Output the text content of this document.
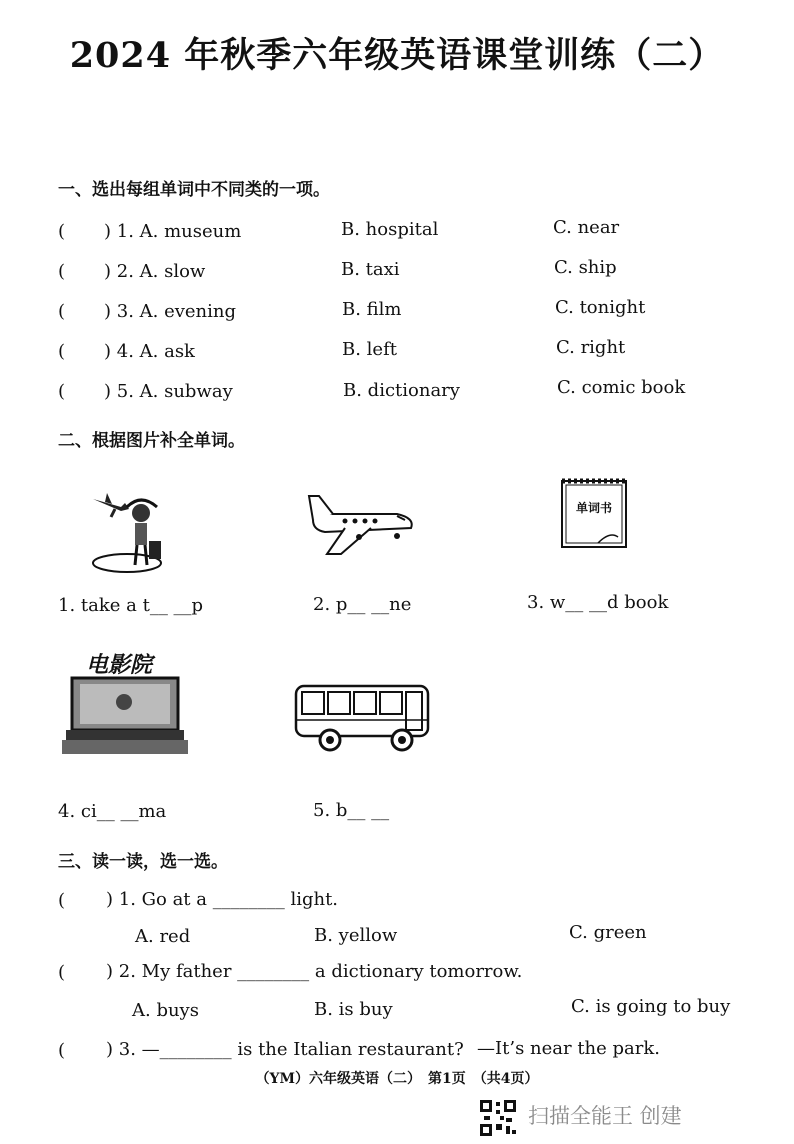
2024 年秋季六年级英语课堂训练（二）
一、选出每组单词中不同类的一项。
( ) 1. A. museum	B. hospital	C. near
( ) 2. A. slow	B. taxi	C. ship
( ) 3. A. evening	B. film	C. tonight
( ) 4. A. ask	B. left	C. right
( ) 5. A. subway	B. dictionary	C. comic book
二、根据图片补全单词。
单词书
1. take a t__ __p	2. p__ __ne	3. w__ __d book
电影院
4. ci__ __ma	5. b__ __
三、读一读，选一选。
( ) 1. Go at a ________ light.
A. red	B. yellow	C. green
( ) 2. My father ________ a dictionary tomorrow.
A. buys	B. is buy	C. is going to buy
( ) 3. —________ is the Italian restaurant? —It’s near the park.
（YM）六年级英语（二）　第1页　（共4页）
扫描全能王 创建
